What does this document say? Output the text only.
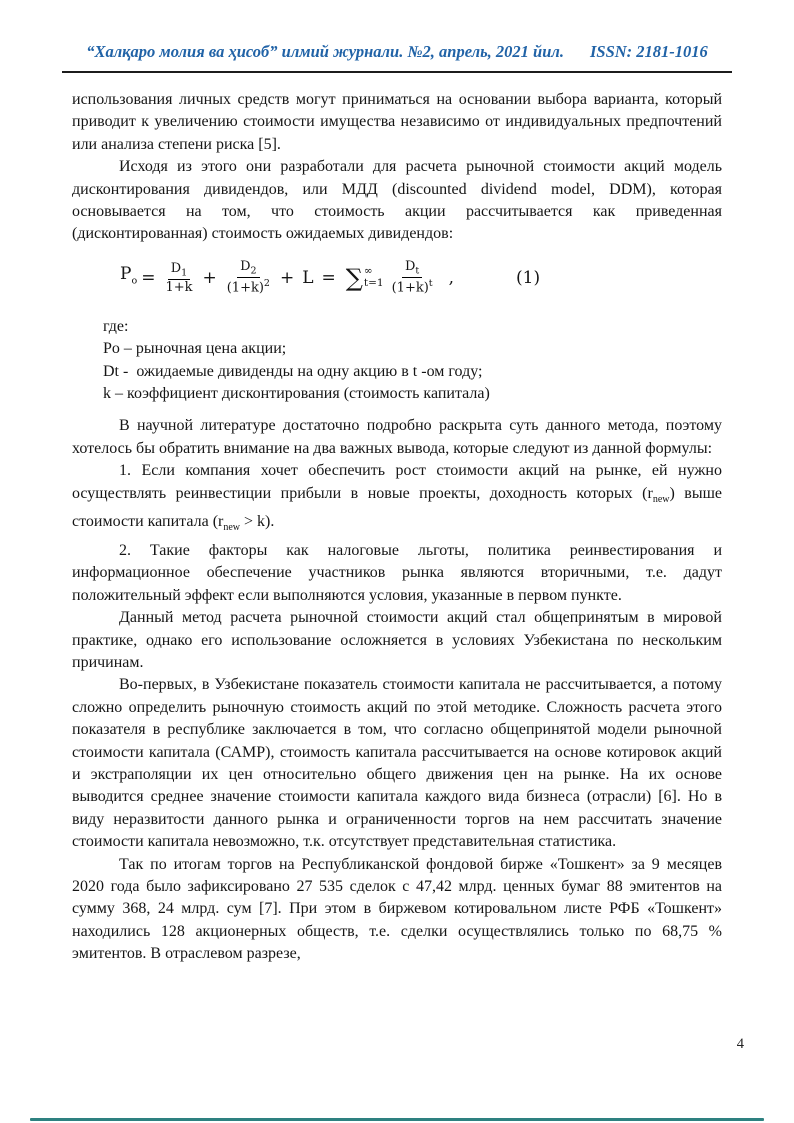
“Халқаро молия ва ҳисоб” илмий журнали. №2, апрель, 2021 йил. ISSN: 2181-1016

использования личных средств могут приниматься на основании выбора варианта, который приводит к увеличению стоимости имущества независимо от индивидуальных предпочтений или анализа степени риска [5].

Исходя из этого они разработали для расчета рыночной стоимости акций модель дисконтирования дивидендов, или МДД (discounted dividend model, DDM), которая основывается на том, что стоимость акции рассчитывается как приведенная (дисконтированная) стоимость ожидаемых дивидендов:

$P_o = \frac{D_1}{1+k} + \frac{D_2}{(1+k)^2} + L$ = ∑ ∞
$t=1 \frac{D_t}{(1+k)^t}$ ,	(1)

где:

Po – рыночная цена акции;

Dt -  ожидаемые дивиденды на одну акцию в t -ом году;

k – коэффициент дисконтирования (стоимость капитала)

В научной литературе достаточно подробно раскрыта суть данного метода, поэтому хотелось бы обратить внимание на два важных вывода, которые следуют из данной формулы:

1. Если компания хочет обеспечить рост стоимости акций на рынке, ей нужно осуществлять реинвестиции прибыли в новые проекты, доходность которых $(r_{new})$ выше стоимости капитала $(r_{new} > k)$.

2. Такие факторы как налоговые льготы, политика реинвестирования и информационное обеспечение участников рынка являются вторичными, т.е. дадут положительный эффект если выполняются условия, указанные в первом пункте.

Данный метод расчета рыночной стоимости акций стал общепринятым в мировой практике, однако его использование осложняется в условиях Узбекистана по нескольким причинам.

Во-первых, в Узбекистане показатель стоимости капитала не рассчитывается, а потому сложно определить рыночную стоимость акций по этой методике. Сложность расчета этого показателя в республике заключается в том, что согласно общепринятой модели рыночной стоимости капитала (САМР), стоимость капитала рассчитывается на основе котировок акций и экстраполяции их цен относительно общего движения цен на рынке. На их основе выводится среднее значение стоимости капитала каждого вида бизнеса (отрасли) [6]. Но в виду неразвитости данного рынка и ограниченности торгов на нем рассчитать значение стоимости капитала невозможно, т.к. отсутствует представительная статистика.

Так по итогам торгов на Республиканской фондовой бирже «Тошкент» за 9 месяцев 2020 года было зафиксировано 27 535 сделок с 47,42 млрд. ценных бумаг 88 эмитентов на сумму 368, 24 млрд. сум [7]. При этом в биржевом котировальном листе РФБ «Тошкент» находились 128 акционерных обществ, т.е. сделки осуществлялись только по 68,75 % эмитентов. В отраслевом разрезе,

4
